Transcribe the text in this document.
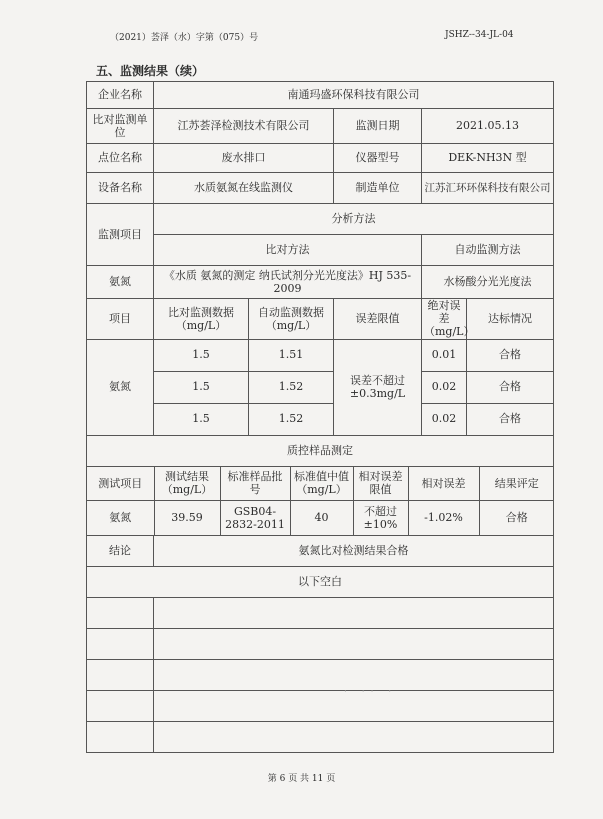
（2021）荟泽（水）字第（075）号	JSHZ--34-JL-04
五、监测结果（续）
企业名称	南通玛盛环保科技有限公司
比对监测单位	江苏荟泽检测技术有限公司	监测日期	2021.05.13
点位名称	废水排口	仪器型号	DEK-NH3N 型
设备名称	水质氨氮在线监测仪	制造单位	江苏汇环环保科技有限公司
监测项目	分析方法
比对方法	自动监测方法
氨氮	《水质 氨氮的测定 纳氏试剂分光光度法》HJ 535-2009	水杨酸分光光度法
项目	比对监测数据（mg/L）	自动监测数据（mg/L）	误差限值	绝对误差（mg/L）	达标情况
氨氮	1.5	1.51	误差不超过±0.3mg/L	0.01	合格
1.5	1.52	0.02	合格
1.5	1.52	0.02	合格
质控样品测定

测试项目	测试结果（mg/L）	标准样品批号	标准值中值（mg/L）	相对误差限值	相对误差	结果评定
氨氮	39.59	GSB04-2832-2011	40	不超过±10%	-1.02%	合格

结论	氨氮比对检测结果合格
以下空白

· ·· ·
第 6 页 共 11 页
